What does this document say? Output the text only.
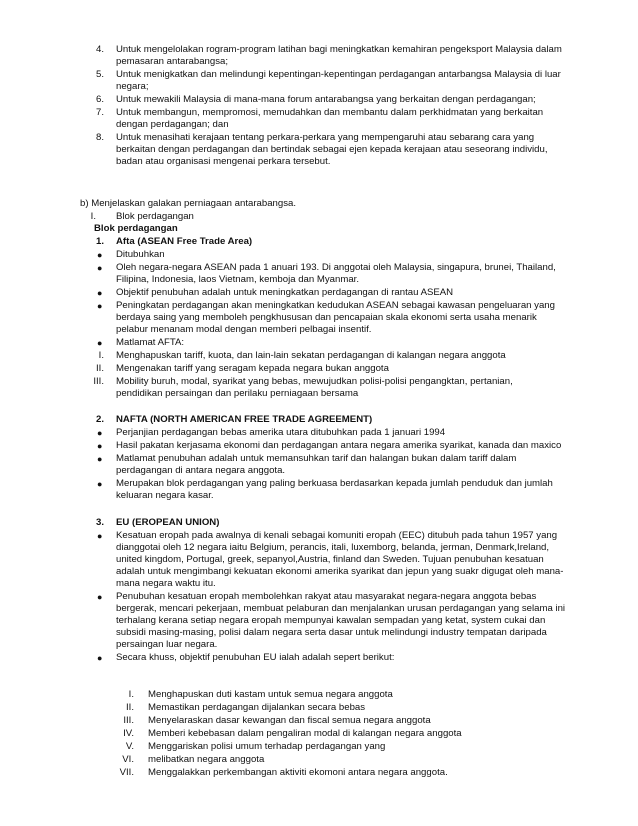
4. Untuk mengelolakan rogram-program latihan bagi meningkatkan kemahiran pengeksport Malaysia dalam
pemasaran antarabangsa;
5. Untuk menigkatkan dan melindungi kepentingan-kepentingan perdagangan antarbangsa Malaysia di luar
negara;
6. Untuk mewakili Malaysia di mana-mana forum antarabangsa yang berkaitan dengan perdagangan;
7. Untuk membangun, mempromosi, memudahkan dan membantu dalam perkhidmatan yang berkaitan
dengan perdagangan; dan
8. Untuk menasihati kerajaan tentang perkara-perkara yang mempengaruhi atau sebarang cara yang
berkaitan dengan perdagangan dan bertindak sebagai ejen kepada kerajaan atau seseorang individu,
badan atau organisasi mengenai perkara tersebut.
b) Menjelaskan galakan perniagaan antarabangsa.
I. Blok perdagangan
Blok perdagangan
1. Afta (ASEAN Free Trade Area)
● Ditubuhkan
● Oleh negara-negara ASEAN pada 1 anuari 193. Di anggotai oleh Malaysia, singapura, brunei, Thailand,
Filipina, Indonesia, laos Vietnam, kemboja dan Myanmar.
● Objektif penubuhan adalah untuk meningkatkan perdagangan di rantau ASEAN
● Peningkatan perdagangan akan meningkatkan kedudukan ASEAN sebagai kawasan pengeluaran yang
berdaya saing yang memboleh pengkhususan dan pencapaian skala ekonomi serta usaha menarik
pelabur menanam modal dengan memberi pelbagai insentif.
● Matlamat AFTA:
I. Menghapuskan tariff, kuota, dan lain-lain sekatan perdagangan di kalangan negara anggota
II. Mengenakan tariff yang seragam kepada negara bukan anggota
III. Mobility buruh, modal, syarikat yang bebas, mewujudkan polisi-polisi pengangktan, pertanian,
pendidikan persaingan dan perilaku perniagaan bersama
2. NAFTA (NORTH AMERICAN FREE TRADE AGREEMENT)
● Perjanjian perdagangan bebas amerika utara ditubuhkan pada 1 januari 1994
● Hasil pakatan kerjasama ekonomi dan perdagangan antara negara amerika syarikat, kanada dan maxico
● Matlamat penubuhan adalah untuk memansuhkan tarif dan halangan bukan dalam tariff dalam
perdagangan di antara negara anggota.
● Merupakan blok perdagangan yang paling berkuasa berdasarkan kepada jumlah penduduk dan jumlah
keluaran negara kasar.
3. EU (EROPEAN UNION)
● Kesatuan eropah pada awalnya di kenali sebagai komuniti eropah (EEC) ditubuh pada tahun 1957 yang
dianggotai oleh 12 negara iaitu Belgium, perancis, itali, luxemborg, belanda, jerman, Denmark,Ireland,
united kingdom, Portugal, greek, sepanyol,Austria, finland dan Sweden. Tujuan penubuhan kesatuan
adalah untuk mengimbangi kekuatan ekonomi amerika syarikat dan jepun yang suakr digugat oleh mana-
mana negara waktu itu.
● Penubuhan kesatuan eropah membolehkan rakyat atau masyarakat negara-negara anggota bebas
bergerak, mencari pekerjaan, membuat pelaburan dan menjalankan urusan perdagangan yang selama ini
terhalang kerana setiap negara eropah mempunyai kawalan sempadan yang ketat, system cukai dan
subsidi masing-masing, polisi dalam negara serta dasar untuk melindungi industry tempatan daripada
persaingan luar negara.
● Secara khuss, objektif penubuhan EU ialah adalah sepert berikut:
I. Menghapuskan duti kastam untuk semua negara anggota
II. Memastikan perdagangan dijalankan secara bebas
III. Menyelaraskan dasar kewangan dan fiscal semua negara anggota
IV. Memberi kebebasan dalam pengaliran modal di kalangan negara anggota
V. Menggariskan polisi umum terhadap perdagangan yang
VI. melibatkan negara anggota
VII. Menggalakkan perkembangan aktiviti ekomoni antara negara anggota.
